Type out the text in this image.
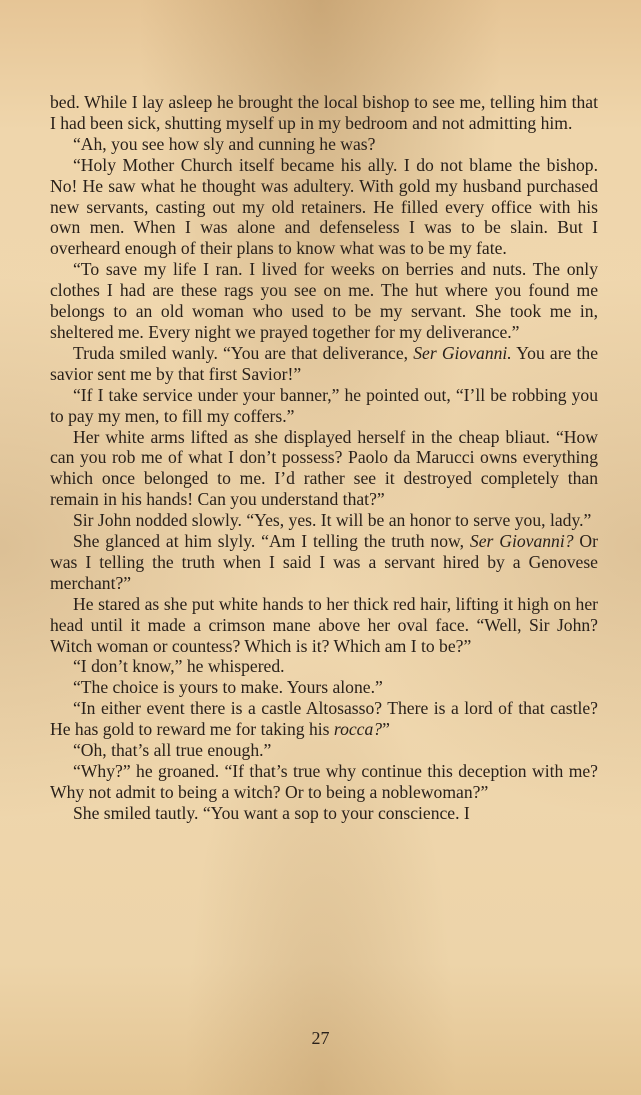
bed. While I lay asleep he brought the local bishop to see me, telling him that I had been sick, shutting myself up in my bedroom and not admitting him.

“Ah, you see how sly and cunning he was?

“Holy Mother Church itself became his ally. I do not blame the bishop. No! He saw what he thought was adultery. With gold my husband purchased new servants, casting out my old retainers. He filled every office with his own men. When I was alone and defenseless I was to be slain. But I overheard enough of their plans to know what was to be my fate.

“To save my life I ran. I lived for weeks on berries and nuts. The only clothes I had are these rags you see on me. The hut where you found me belongs to an old woman who used to be my servant. She took me in, sheltered me. Every night we prayed together for my deliverance.”

Truda smiled wanly. “You are that deliverance, Ser Giovanni. You are the savior sent me by that first Savior!”

“If I take service under your banner,” he pointed out, “I’ll be robbing you to pay my men, to fill my coffers.”

Her white arms lifted as she displayed herself in the cheap bliaut. “How can you rob me of what I don’t possess? Paolo da Marucci owns everything which once belonged to me. I’d rather see it destroyed completely than remain in his hands! Can you understand that?”

Sir John nodded slowly. “Yes, yes. It will be an honor to serve you, lady.”

She glanced at him slyly. “Am I telling the truth now, Ser Giovanni? Or was I telling the truth when I said I was a servant hired by a Genovese merchant?”

He stared as she put white hands to her thick red hair, lifting it high on her head until it made a crimson mane above her oval face. “Well, Sir John? Witch woman or countess? Which is it? Which am I to be?”

“I don’t know,” he whispered.

“The choice is yours to make. Yours alone.”

“In either event there is a castle Altosasso? There is a lord of that castle? He has gold to reward me for taking his rocca?”

“Oh, that’s all true enough.”

“Why?” he groaned. “If that’s true why continue this deception with me? Why not admit to being a witch? Or to being a noblewoman?”

She smiled tautly. “You want a sop to your conscience. I

27
